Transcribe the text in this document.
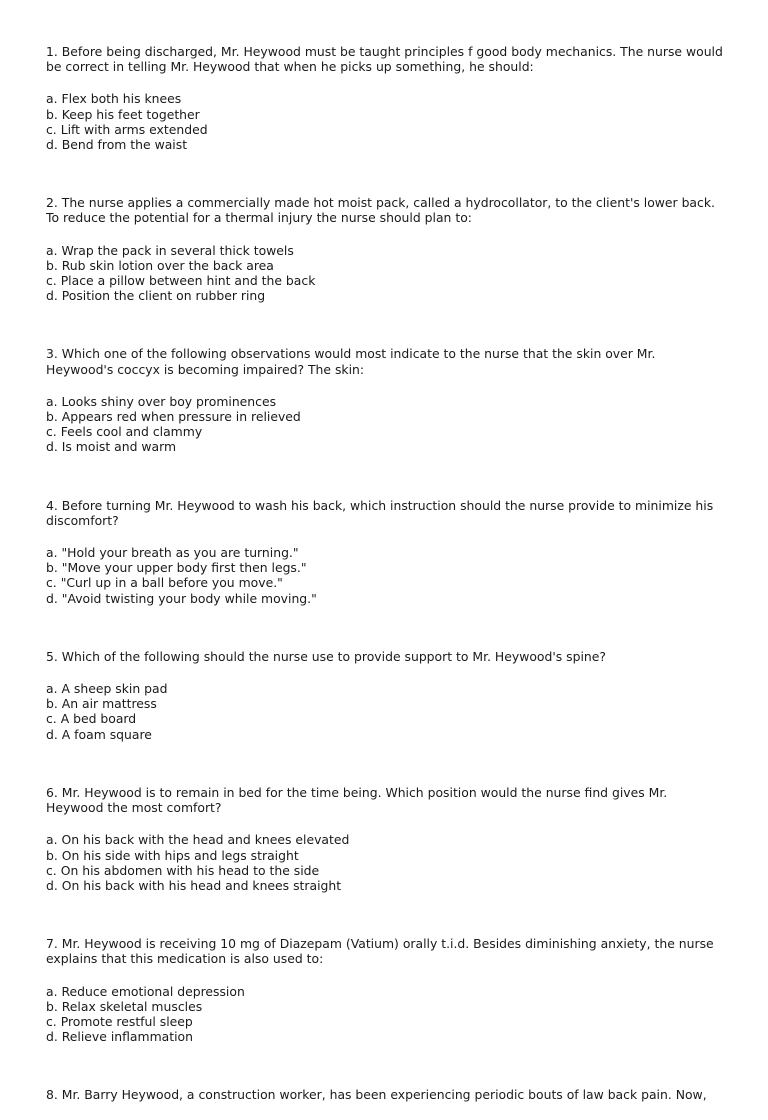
1. Before being discharged, Mr. Heywood must be taught principles f good body mechanics. The nurse would be correct in telling Mr. Heywood that when he picks up something, he should:
a. Flex both his knees
b. Keep his feet together
c. Lift with arms extended
d. Bend from the waist
2. The nurse applies a commercially made hot moist pack, called a hydrocollator, to the client's lower back. To reduce the potential for a thermal injury the nurse should plan to:
a. Wrap the pack in several thick towels
b. Rub skin lotion over the back area
c. Place a pillow between hint and the back
d. Position the client on rubber ring
3. Which one of the following observations would most indicate to the nurse that the skin over Mr. Heywood's coccyx is becoming impaired? The skin:
a. Looks shiny over boy prominences
b. Appears red when pressure in relieved
c. Feels cool and clammy
d. Is moist and warm
4. Before turning Mr. Heywood to wash his back, which instruction should the nurse provide to minimize his discomfort?
a. "Hold your breath as you are turning."
b. "Move your upper body first then legs."
c. "Curl up in a ball before you move."
d. "Avoid twisting your body while moving."
5. Which of the following should the nurse use to provide support to Mr. Heywood's spine?
a. A sheep skin pad
b. An air mattress
c. A bed board
d. A foam square
6. Mr. Heywood is to remain in bed for the time being. Which position would the nurse find gives Mr. Heywood the most comfort?
a. On his back with the head and knees elevated
b. On his side with hips and legs straight
c. On his abdomen with his head to the side
d. On his back with his head and knees straight
7. Mr. Heywood is receiving 10 mg of Diazepam (Vatium) orally t.i.d. Besides diminishing anxiety, the nurse explains that this medication is also used to:
a. Reduce emotional depression
b. Relax skeletal muscles
c. Promote restful sleep
d. Relieve inflammation
8. Mr. Barry Heywood, a construction worker, has been experiencing periodic bouts of law back pain. Now,
